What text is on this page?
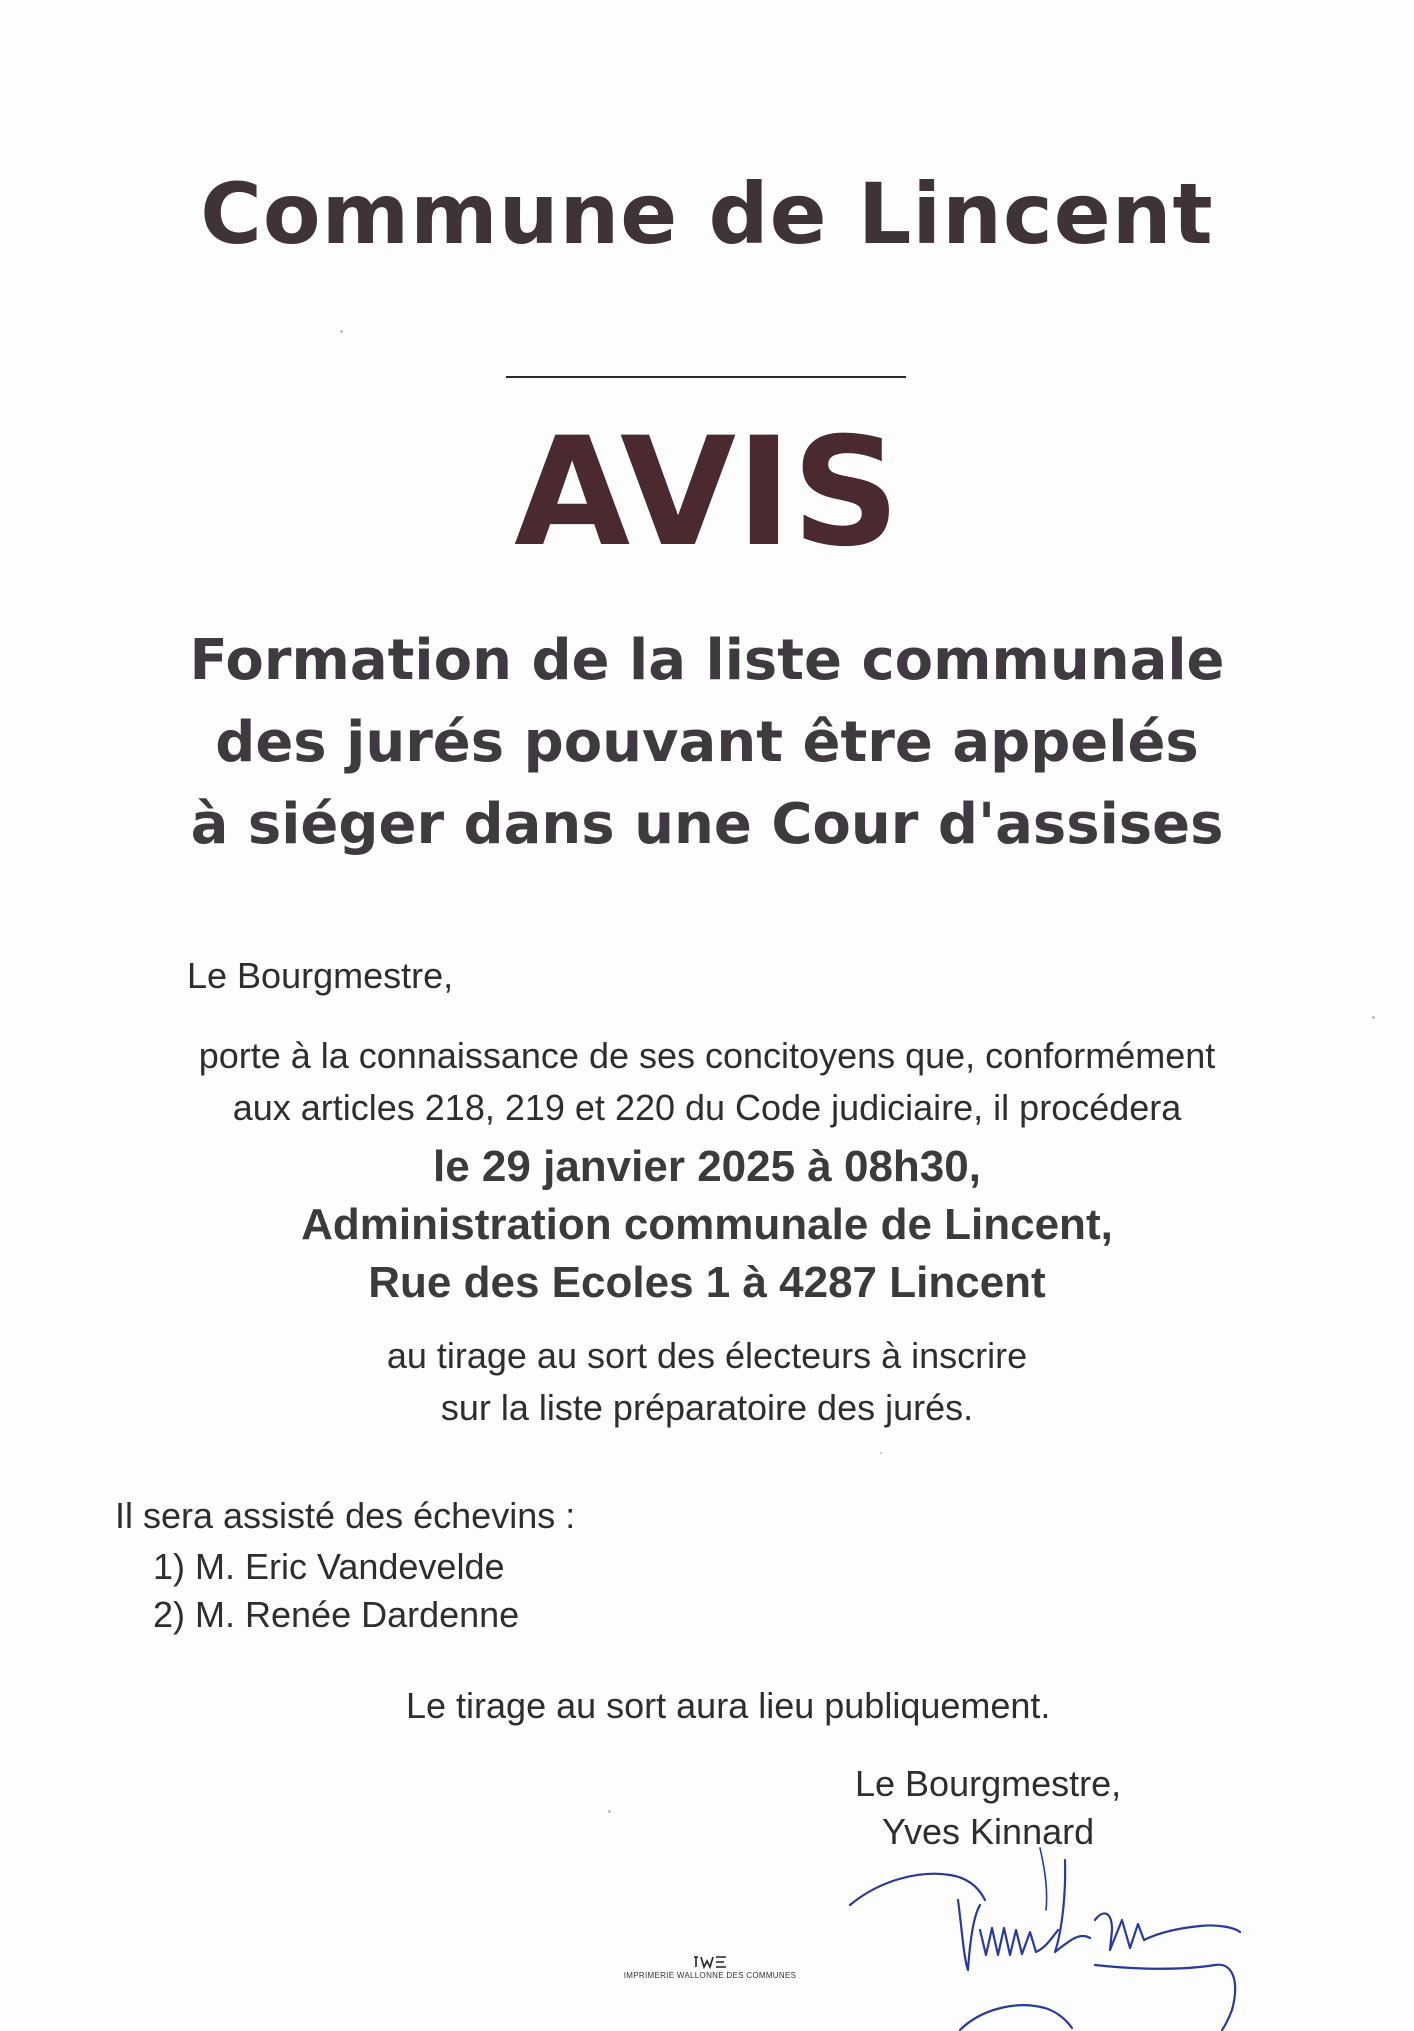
Commune de Lincent
AVIS
Formation de la liste communale
des jurés pouvant être appelés
à siéger dans une Cour d'assises

Le Bourgmestre,

porte à la connaissance de ses concitoyens que, conformément
aux articles 218, 219 et 220 du Code judiciaire, il procédera

le 29 janvier 2025 à 08h30,
Administration communale de Lincent,
Rue des Ecoles 1 à 4287 Lincent

au tirage au sort des électeurs à inscrire
sur la liste préparatoire des jurés.

Il sera assisté des échevins :

1) M. Eric Vandevelde
2) M. Renée Dardenne

Le tirage au sort aura lieu publiquement.

Le Bourgmestre,
Yves Kinnard
IMPRIMERIE WALLONNE DES COMMUNES
